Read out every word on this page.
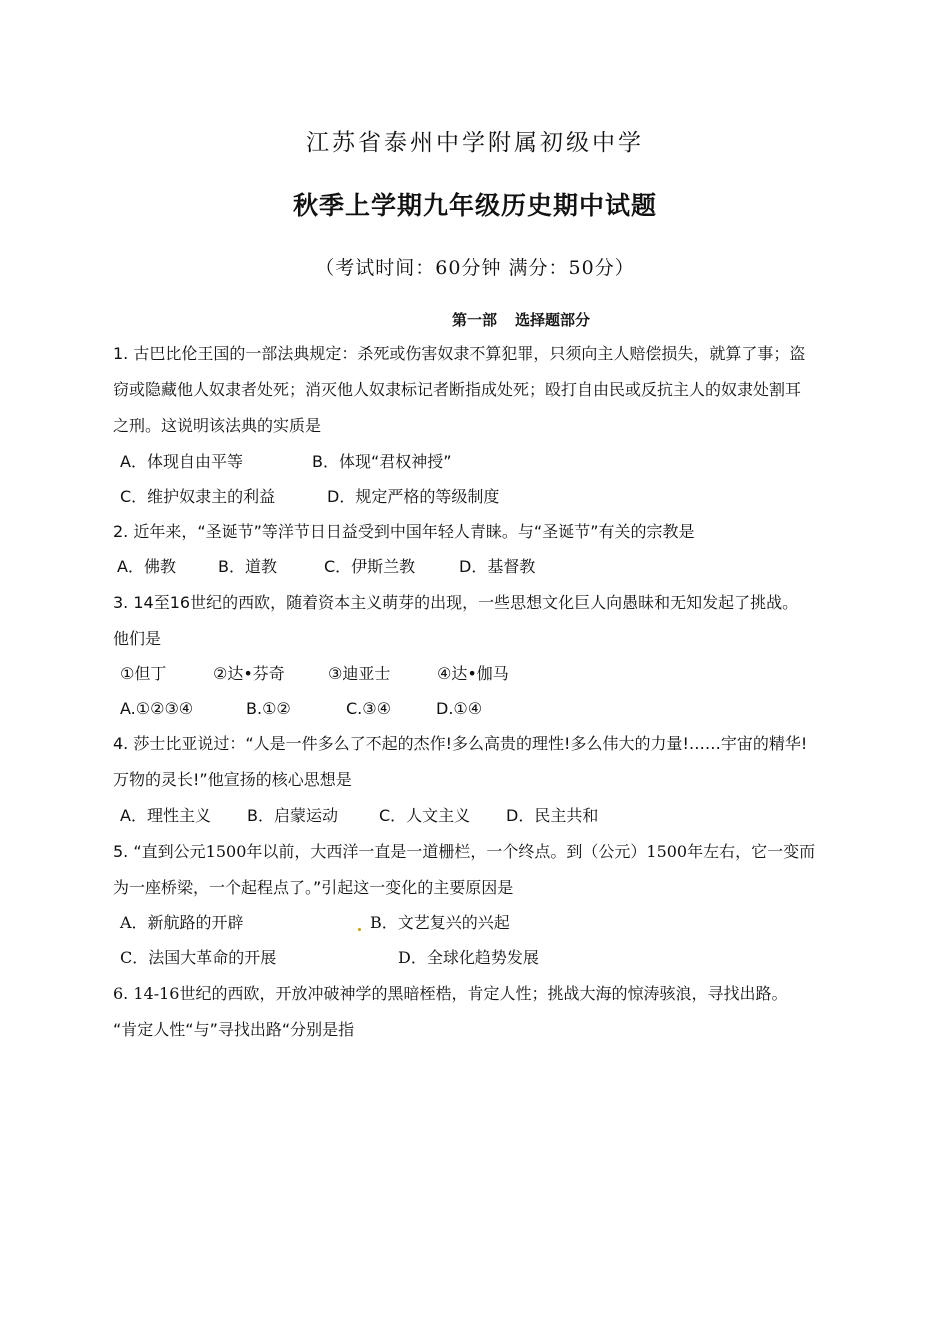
江苏省泰州中学附属初级中学
秋季上学期九年级历史期中试题
（考试时间：60分钟 满分：50分）
第一部 选择题部分
1. 古巴比伦王国的一部法典规定：杀死或伤害奴隶不算犯罪，只须向主人赔偿损失，就算了事；盗
窃或隐藏他人奴隶者处死；消灭他人奴隶标记者断指成处死；殴打自由民或反抗主人的奴隶处割耳
之刑。这说明该法典的实质是
A．体现自由平等	B．体现“君权神授”
C．维护奴隶主的利益	D．规定严格的等级制度
2. 近年来，“圣诞节”等洋节日日益受到中国年轻人青睐。与“圣诞节”有关的宗教是
A．佛教	B．道教	C．伊斯兰教	D．基督教
3. 14至16世纪的西欧，随着资本主义萌芽的出现，一些思想文化巨人向愚昧和无知发起了挑战。
他们是
①但丁	②达•芬奇	③迪亚士	④达•伽马
A.①②③④	B.①②	C.③④	D.①④
4. 莎士比亚说过：“人是一件多么了不起的杰作!多么高贵的理性!多么伟大的力量!……宇宙的精华!
万物的灵长!”他宣扬的核心思想是
A．理性主义 B．启蒙运动	C．人文主义 D．民主共和
5. “直到公元1500年以前，大西洋一直是一道栅栏，一个终点。到（公元）1500年左右，它一变而
为一座桥梁，一个起程点了。”引起这一变化的主要原因是
A．新航路的开辟	B．文艺复兴的兴起
C．法国大革命的开展	D．全球化趋势发展
6. 14-16世纪的西欧，开放冲破神学的黑暗桎梏，肯定人性；挑战大海的惊涛骇浪，寻找出路。
“肯定人性“与”寻找出路“分别是指
